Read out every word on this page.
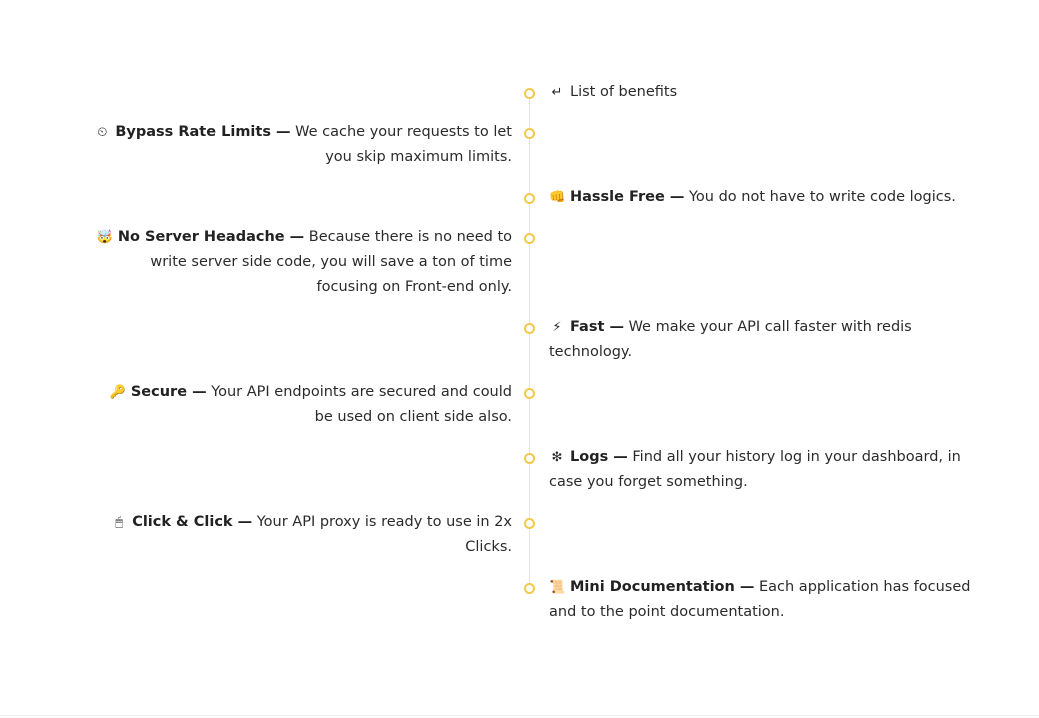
↵ List of benefits
⏲ Bypass Rate Limits — We cache your requests to let you skip maximum limits.
👊 Hassle Free — You do not have to write code logics.
🤯 No Server Headache — Because there is no need to write server side code, you will save a ton of time focusing on Front-end only.
⚡ Fast — We make your API call faster with redis technology.
🔑 Secure — Your API endpoints are secured and could be used on client side also.
❇ Logs — Find all your history log in your dashboard, in case you forget something.
🖱 Click & Click — Your API proxy is ready to use in 2x Clicks.
📜 Mini Documentation — Each application has focused and to the point documentation.
